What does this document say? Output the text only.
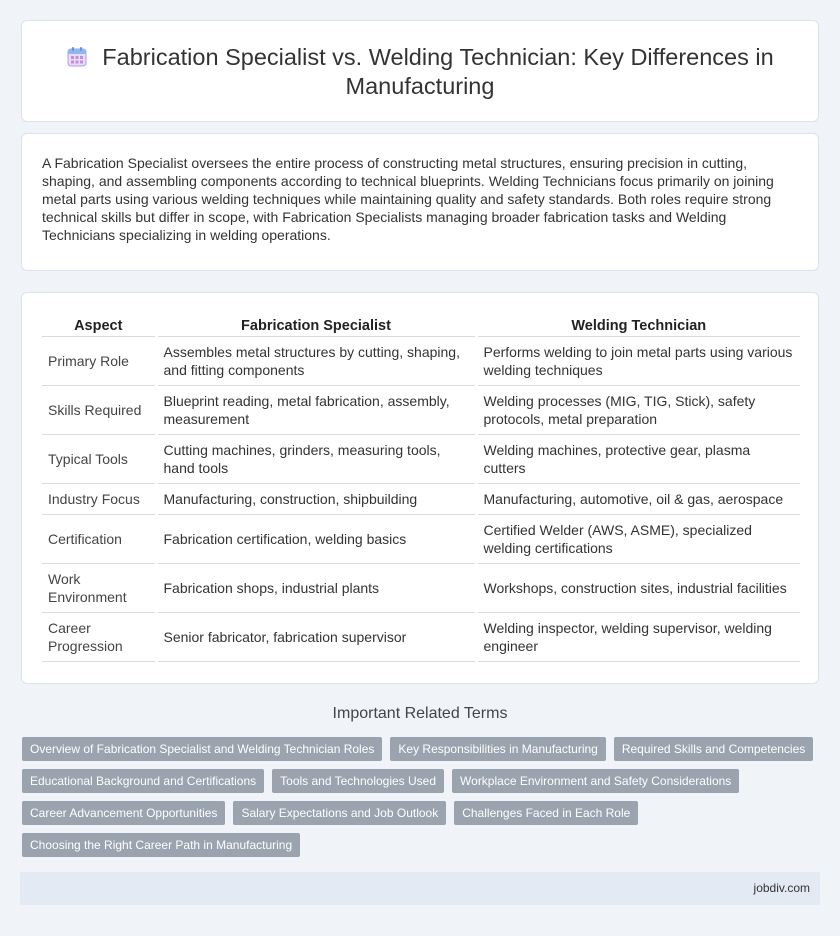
Fabrication Specialist vs. Welding Technician: Key Differences in Manufacturing

A Fabrication Specialist oversees the entire process of constructing metal structures, ensuring precision in cutting, shaping, and assembling components according to technical blueprints. Welding Technicians focus primarily on joining metal parts using various welding techniques while maintaining quality and safety standards. Both roles require strong technical skills but differ in scope, with Fabrication Specialists managing broader fabrication tasks and Welding Technicians specializing in welding operations.

Aspect	Fabrication Specialist	Welding Technician
Primary Role	Assembles metal structures by cutting, shaping, and fitting components	Performs welding to join metal parts using various welding techniques
Skills Required	Blueprint reading, metal fabrication, assembly, measurement	Welding processes (MIG, TIG, Stick), safety protocols, metal preparation
Typical Tools	Cutting machines, grinders, measuring tools, hand tools	Welding machines, protective gear, plasma cutters
Industry Focus	Manufacturing, construction, shipbuilding	Manufacturing, automotive, oil & gas, aerospace
Certification	Fabrication certification, welding basics	Certified Welder (AWS, ASME), specialized welding certifications
Work Environment	Fabrication shops, industrial plants	Workshops, construction sites, industrial facilities
Career Progression	Senior fabricator, fabrication supervisor	Welding inspector, welding supervisor, welding engineer
Important Related Terms
Overview of Fabrication Specialist and Welding Technician Roles	Key Responsibilities in Manufacturing	Required Skills and Competencies
Educational Background and Certifications	Tools and Technologies Used	Workplace Environment and Safety Considerations
Career Advancement Opportunities	Salary Expectations and Job Outlook	Challenges Faced in Each Role
Choosing the Right Career Path in Manufacturing
jobdiv.com
